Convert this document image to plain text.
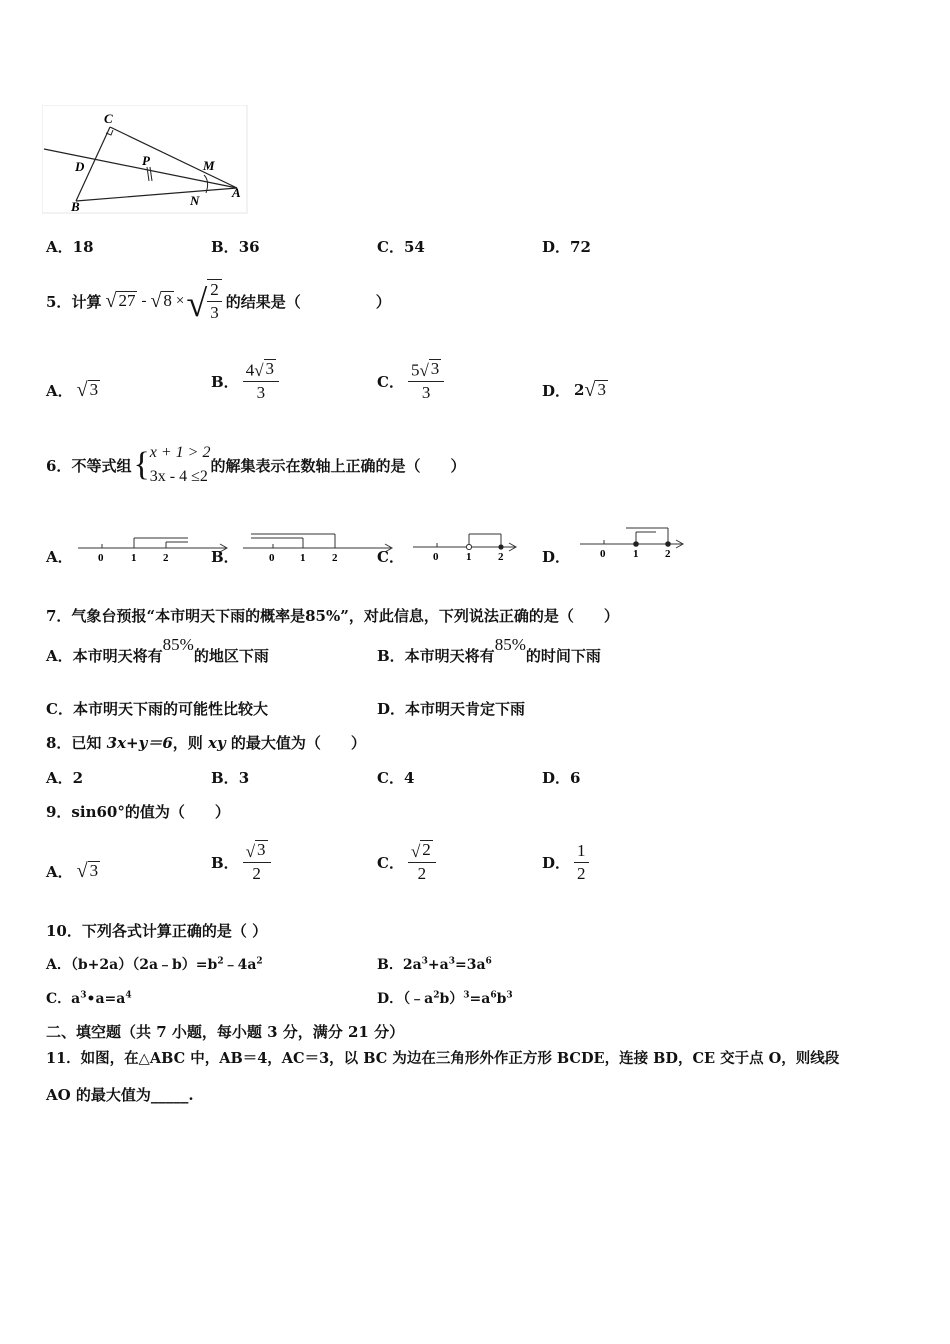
C
D	P	M
B	N
A
A．18	B．36	C．54	D．72
5． 计算 √ 27 - √ 8 × √ $\frac{2}{3}$ 的结果是（　　　　　）
A． √ 3	B． $\frac{4 √ 3}{3}$	C． $\frac{5 √ 3}{3}$	D． 2 √ 3
6． 不等式组 { x + 1 > 2
3x - 4 ≤2
的解集表示在数轴上正确的是（　　）
A． 0	1 2	B．	0 1 2	C．	0	1 2	D．	0	1 2
7．气象台预报“本市明天下雨的概率是85%”，对此信息，下列说法正确的是（　　）
A．本市明天将有
85%
的地区下雨	B．本市明天将有
85%
的时间下雨
C．本市明天下雨的可能性比较大	D．本市明天肯定下雨
8．已知 3x+y＝6，则 xy 的最大值为（　　）
A．2	B．3	C．4	D．6
9．sin60°的值为（　　）
A． √ 3	B． $\frac{√ 3}{2}$	C． $\frac{√ 2}{2}$	D． $\frac{1}{2}$
10．下列各式计算正确的是（ ）
A．$(b+2a)(2a﹣b)=b^2﹣4a^2$	B．$2a^3+a^3=3a^6$
C．$a^3•a=a^4$	D．$(﹣a^2b)^3=a^6b^3$
二、填空题（共 7 小题，每小题 3 分，满分 21 分）
11．如图，在△ABC 中，AB＝4，AC＝3，以 BC 为边在三角形外作正方形 BCDE，连接 BD，CE 交于点 O，则线段
AO 的最大值为_____.
